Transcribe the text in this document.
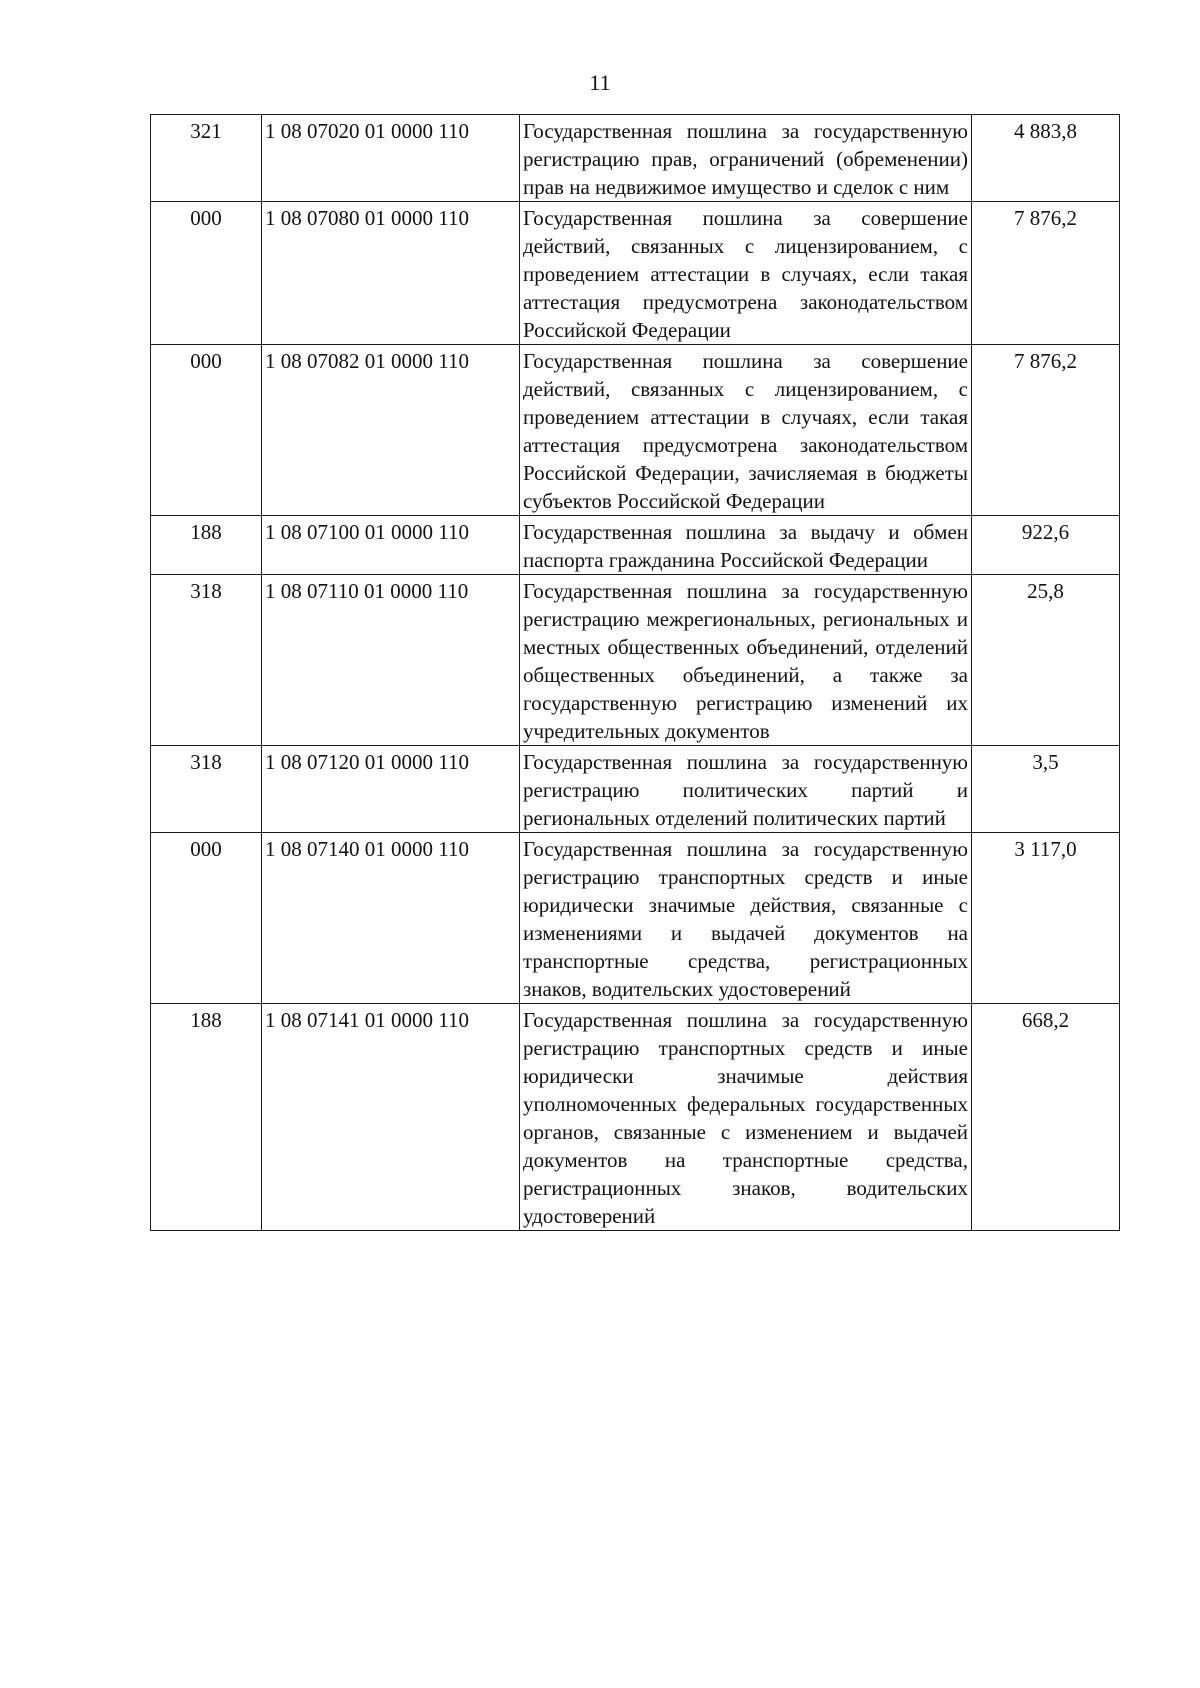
11
321	1 08 07020 01 0000 110	Государственная пошлина за государственную регистрацию прав, ограничений (обременении) прав на недвижимое имущество и сделок с ним	4 883,8
000	1 08 07080 01 0000 110	Государственная пошлина за совершение действий, связанных с лицензированием, с проведением аттестации в случаях, если такая аттестация предусмотрена законодательством Российской Федерации	7 876,2
000	1 08 07082 01 0000 110	Государственная пошлина за совершение действий, связанных с лицензированием, с проведением аттестации в случаях, если такая аттестация предусмотрена законодательством Российской Федерации, зачисляемая в бюджеты субъектов Российской Федерации	7 876,2
188	1 08 07100 01 0000 110	Государственная пошлина за выдачу и обмен паспорта гражданина Российской Федерации	922,6
318	1 08 07110 01 0000 110	Государственная пошлина за государственную регистрацию межрегиональных, региональных и местных общественных объединений, отделений общественных объединений, а также за государственную регистрацию изменений их учредительных документов	25,8
318	1 08 07120 01 0000 110	Государственная пошлина за государственную регистрацию политических партий и региональных отделений политических партий	3,5
000	1 08 07140 01 0000 110	Государственная пошлина за государственную регистрацию транспортных средств и иные юридически значимые действия, связанные с изменениями и выдачей документов на транспортные средства, регистрационных знаков, водительских удостоверений	3 117,0
188	1 08 07141 01 0000 110	Государственная пошлина за государственную регистрацию транспортных средств и иные юридически значимые действия уполномоченных федеральных государственных органов, связанные с изменением и выдачей документов на транспортные средства, регистрационных знаков, водительских удостоверений	668,2
